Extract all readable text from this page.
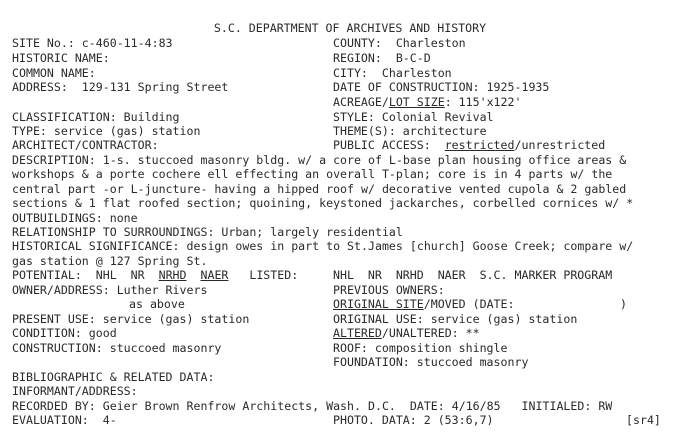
S.C. DEPARTMENT OF ARCHIVES AND HISTORY
SITE No.: c-460-11-4:83	COUNTY:  Charleston
HISTORIC NAME:	REGION:  B-C-D
COMMON NAME:	CITY:  Charleston
ADDRESS:  129-131 Spring Street	DATE OF CONSTRUCTION: 1925-1935
ACREAGE/LOT SIZE: 115'x122'
CLASSIFICATION: Building	STYLE: Colonial Revival
TYPE: service (gas) station	THEME(S): architecture
ARCHITECT/CONTRACTOR:	PUBLIC ACCESS:  restricted/unrestricted
DESCRIPTION: 1-s. stuccoed masonry bldg. w/ a core of L-base plan housing office areas &
workshops & a porte cochere ell effecting an overall T-plan; core is in 4 parts w/ the
central part -or L-juncture- having a hipped roof w/ decorative vented cupola & 2 gabled
sections & 1 flat roofed section; quoining, keystoned jackarches, corbelled cornices w/ *
OUTBUILDINGS: none
RELATIONSHIP TO SURROUNDINGS: Urban; largely residential
HISTORICAL SIGNIFICANCE: design owes in part to St.James [church] Goose Creek; compare w/
gas station @ 127 Spring St.
POTENTIAL:  NHL  NR  NRHD NAER   LISTED:	NHL  NR  NRHD  NAER  S.C. MARKER PROGRAM
OWNER/ADDRESS: Luther Rivers	PREVIOUS OWNERS:
as above	ORIGINAL SITE/MOVED (DATE:	)
PRESENT USE: service (gas) station	ORIGINAL USE: service (gas) station
CONDITION: good	ALTERED/UNALTERED: **
CONSTRUCTION: stuccoed masonry	ROOF: composition shingle
FOUNDATION: stuccoed masonry
BIBLIOGRAPHIC & RELATED DATA:
INFORMANT/ADDRESS:
RECORDED BY: Geier Brown Renfrow Architects, Wash. D.C.  DATE: 4/16/85   INITIALED: RW
EVALUATION:  4-	PHOTO. DATA: 2 (53:6,7)	[sr4]
